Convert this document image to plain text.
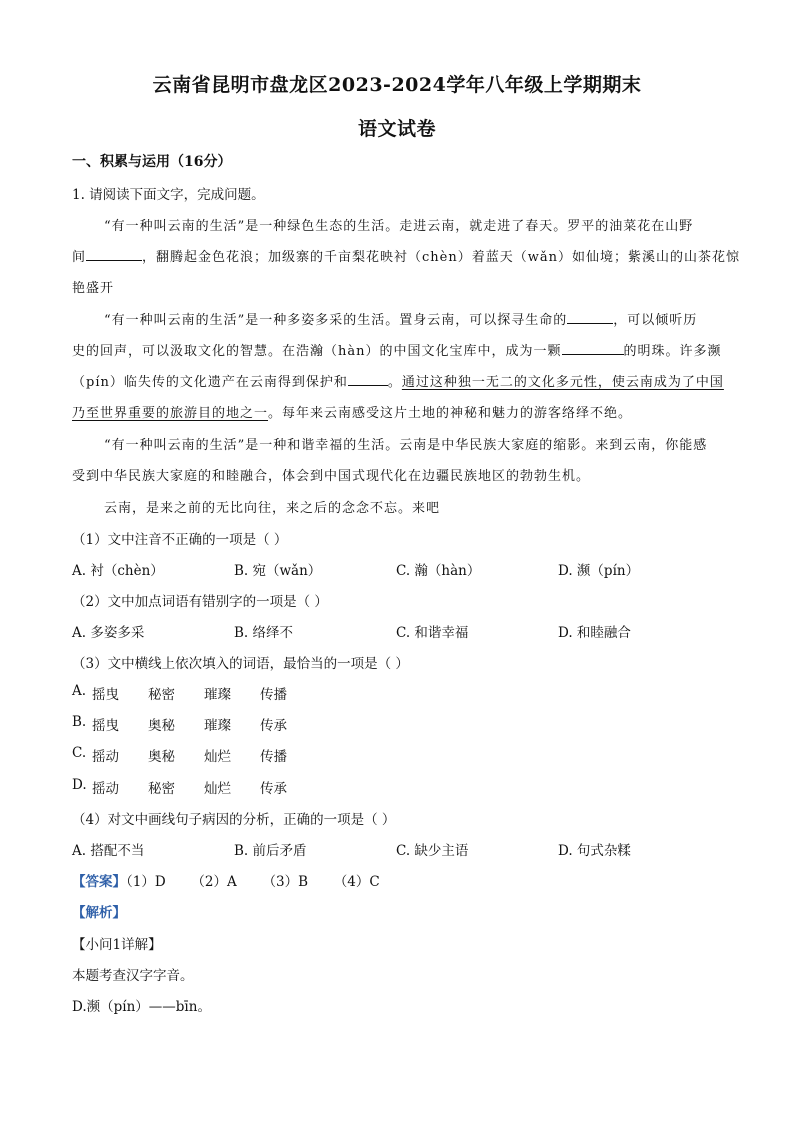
云南省昆明市盘龙区2023-2024学年八年级上学期期末
语文试卷
一、积累与运用（16分）
1. 请阅读下面文字，完成问题。
“有一种叫云南的生活”是一种绿色生态的生活。走进云南，就走进了春天。罗平的油菜花在山野
间	，翻腾起金色花浪；加级寨的千亩梨花映衬（chèn）着蓝天（wǎn）如仙境；紫溪山的山茶花惊
艳盛开
“有一种叫云南的生活”是一种多姿多采的生活。置身云南，可以探寻生命的	，可以倾听历
史的回声，可以汲取文化的智慧。在浩瀚（hàn）的中国文化宝库中，成为一颗	的明珠。许多濒
（pín）临失传的文化遗产在云南得到保护和	。通过这种独一无二的文化多元性，使云南成为了中国
乃至世界重要的旅游目的地之一。每年来云南感受这片土地的神秘和魅力的游客络绎不绝。
“有一种叫云南的生活”是一种和谐幸福的生活。云南是中华民族大家庭的缩影。来到云南，你能感
受到中华民族大家庭的和睦融合，体会到中国式现代化在边疆民族地区的勃勃生机。
云南，是来之前的无比向往，来之后的念念不忘。来吧
（1）文中注音不正确的一项是（ ）
A. 衬（chèn）	B. 宛（wǎn）	C. 瀚（hàn）	D. 濒（pín）
（2）文中加点词语有错别字的一项是（ ）
A. 多姿多采	B. 络绎不	C. 和谐幸福	D. 和睦融合
（3）文中横线上依次填入的词语，最恰当的一项是（ ）
A. 摇曳 秘密 璀璨 传播
B. 摇曳 奥秘 璀璨 传承
C. 摇动 奥秘 灿烂 传播
D. 摇动 秘密 灿烂 传承
（4）对文中画线句子病因的分析，正确的一项是（ ）
A. 搭配不当	B. 前后矛盾	C. 缺少主语	D. 句式杂糅
【答案】（1）D      （2）A      （3）B      （4）C
【解析】
【小问1详解】
本题考查汉字字音。
D.濒（pín）——bīn。
